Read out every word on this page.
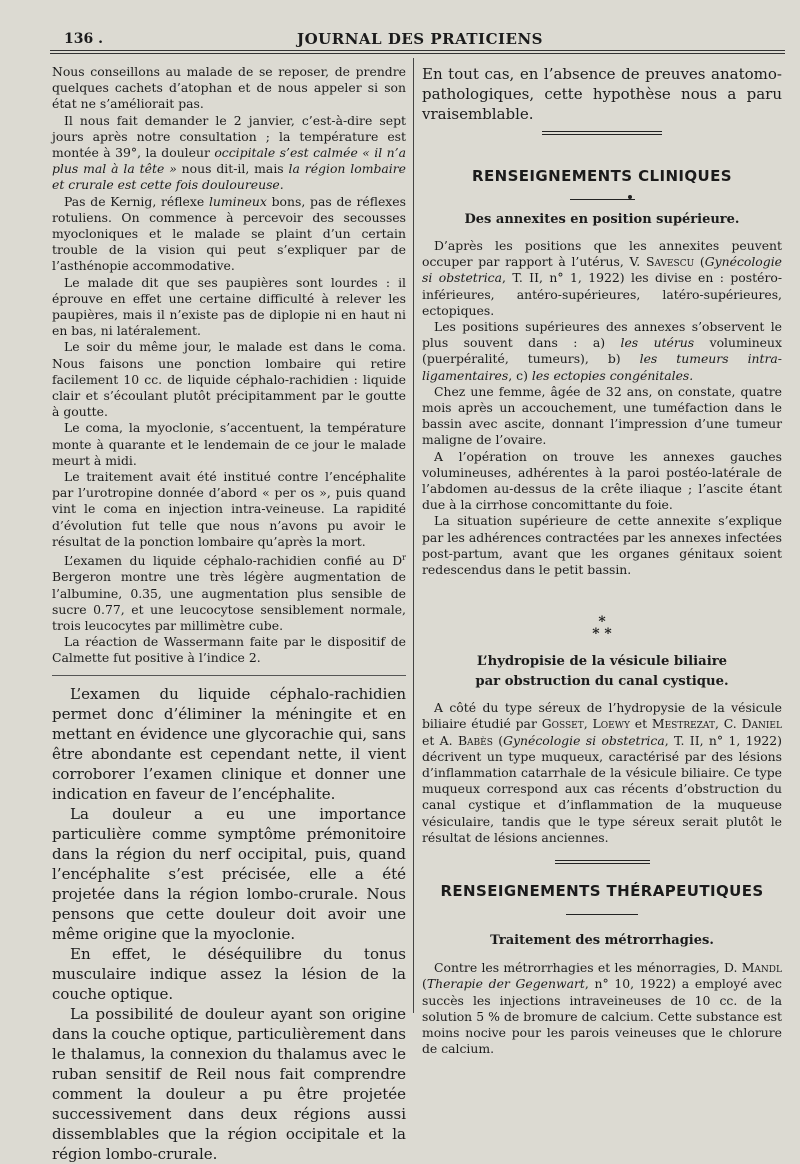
136 .	JOURNAL DES PRATICIENS

Nous conseillons au malade de se reposer, de prendre quelques cachets d’atophan et de nous appeler si son état ne s’améliorait pas.

Il nous fait demander le 2 janvier, c’est-à-dire sept jours après notre consultation ; la température est montée à 39°, la douleur occipitale s’est calmée « il n’a plus mal à la tête » nous dit-il, mais la région lombaire et crurale est cette fois douloureuse.

Pas de Kernig, réflexe lumineux bons, pas de réflexes rotuliens. On commence à percevoir des secousses myocloniques et le malade se plaint d’un certain trouble de la vision qui peut s’expliquer par de l’asthénopie accommodative.

Le malade dit que ses paupières sont lourdes : il éprouve en effet une certaine difficulté à relever les paupières, mais il n’existe pas de diplopie ni en haut ni en bas, ni latéralement.

Le soir du même jour, le malade est dans le coma. Nous faisons une ponction lombaire qui retire facilement 10 cc. de liquide céphalo-rachidien : liquide clair et s’écoulant plutôt précipitamment par le goutte à goutte.

Le coma, la myoclonie, s’accentuent, la température monte à quarante et le lendemain de ce jour le malade meurt à midi.

Le traitement avait été institué contre l’encéphalite par l’urotropine donnée d’abord « per os », puis quand vint le coma en injection intra-veineuse. La rapidité d’évolution fut telle que nous n’avons pu avoir le résultat de la ponction lombaire qu’après la mort.

L’examen du liquide céphalo-rachidien confié au $D^r$ Bergeron montre une très légère augmentation de l’albumine, 0.35, une augmentation plus sensible de sucre 0.77, et une leucocytose sensiblement normale, trois leucocytes par millimètre cube.

La réaction de Wassermann faite par le dispositif de Calmette fut positive à l’indice 2.

L’examen du liquide céphalo-rachidien permet donc d’éliminer la méningite et en mettant en évidence une glycorachie qui, sans être abondante est cependant nette, il vient corroborer l’examen clinique et donner une indication en faveur de l’encéphalite.

La douleur a eu une importance particulière comme symptôme prémonitoire dans la région du nerf occipital, puis, quand l’encéphalite s’est précisée, elle a été projetée dans la région lombo-crurale. Nous pensons que cette douleur doit avoir une même origine que la myoclonie.

En effet, le déséquilibre du tonus musculaire indique assez la lésion de la couche optique.

La possibilité de douleur ayant son origine dans la couche optique, particulièrement dans le thalamus, la connexion du thalamus avec le ruban sensitif de Reil nous fait comprendre comment la douleur a pu être projetée successivement dans deux régions aussi dissemblables que la région occipitale et la région lombo-crurale.

En tout cas, en l’absence de preuves anatomo-pathologiques, cette hypothèse nous a paru vraisemblable.

RENSEIGNEMENTS CLINIQUES
Des annexites en position supérieure.

D’après les positions que les annexites peuvent occuper par rapport à l’utérus, V. Savescu (Gynécologie si obstetrica, T. II, n° 1, 1922) les divise en : postéro-inférieures, antéro-supérieures, latéro-supérieures, ectopiques.

Les positions supérieures des annexes s’observent le plus souvent dans : a) les utérus volumineux (puerpéralité, tumeurs), b) les tumeurs intra-ligamentaires, c) les ectopies congénitales.

Chez une femme, âgée de 32 ans, on constate, quatre mois après un accouchement, une tuméfaction dans le bassin avec ascite, donnant l’impression d’une tumeur maligne de l’ovaire.

A l’opération on trouve les annexes gauches volumineuses, adhérentes à la paroi postéo-latérale de l’abdomen au-dessus de la crête iliaque ; l’ascite étant due à la cirrhose concomittante du foie.

La situation supérieure de cette annexite s’explique par les adhérences contractées par les annexes infectées post-partum, avant que les organes génitaux soient redescendus dans le petit bassin.

*
* *
L’hydropisie de la vésicule biliaire
par obstruction du canal cystique.

A côté du type séreux de l’hydropysie de la vésicule biliaire étudié par Gosset, Loewy et Mestrezat, C. Daniel et A. Babès (Gynécologie si obstetrica, T. II, n° 1, 1922) décrivent un type muqueux, caractérisé par des lésions d’inflammation catarrhale de la vésicule biliaire. Ce type muqueux correspond aux cas récents d’obstruction du canal cystique et d’inflammation de la muqueuse vésiculaire, tandis que le type séreux serait plutôt le résultat de lésions anciennes.

RENSEIGNEMENTS THÉRAPEUTIQUES
Traitement des métrorrhagies.

Contre les métrorrhagies et les ménorragies, D. Mandl (Therapie der Gegenwart, n° 10, 1922) a employé avec succès les injections intraveineuses de 10 cc. de la solution 5 % de bromure de calcium. Cette substance est moins nocive pour les parois veineuses que le chlorure de calcium.
